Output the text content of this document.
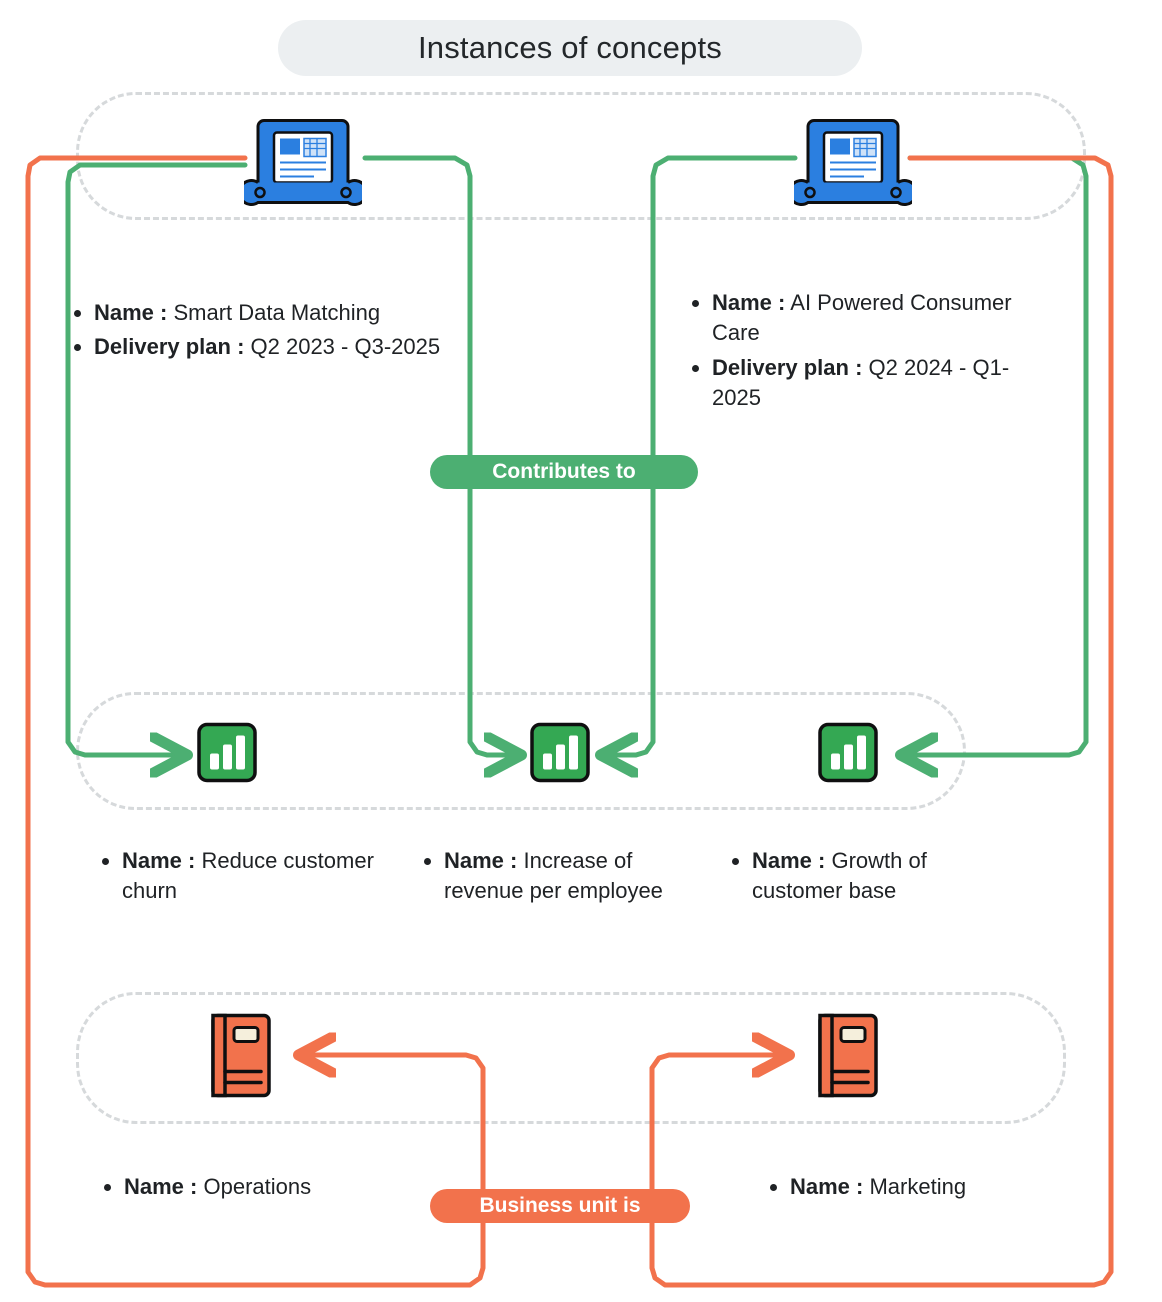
Instances of concepts
• Name : Smart Data Matching
• Delivery plan : Q2 2023 - Q3-2025
• Name : AI Powered Consumer Care
• Delivery plan : Q2 2024 - Q1-2025
Contributes to
• Name : Reduce customer churn
• Name : Increase of revenue per employee
• Name : Growth of customer base
• Name : Operations	• Name : Marketing
Business unit is
